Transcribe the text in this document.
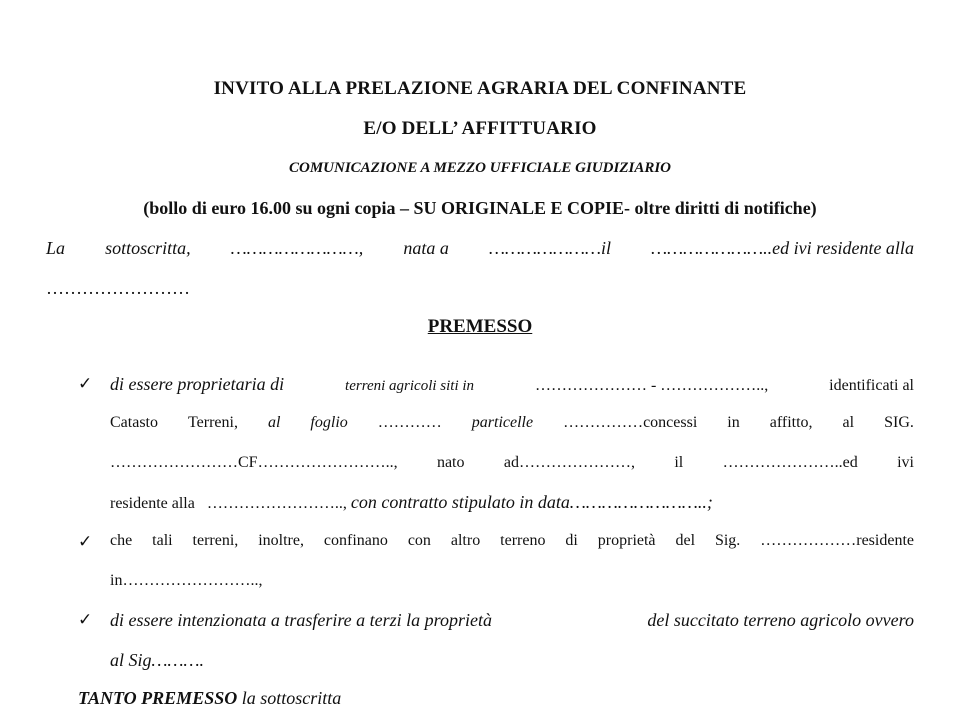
INVITO ALLA PRELAZIONE AGRARIA DEL CONFINANTE
E/O DELL’ AFFITTUARIO
COMUNICAZIONE A MEZZO UFFICIALE GIUDIZIARIO
(bollo di euro 16.00 su ogni copia – SU ORIGINALE E COPIE- oltre diritti di notifiche)
La sottoscritta, ……………………, nata a …………………il …………………..ed ivi residente alla
……………………
PREMESSO
✓ di essere proprietaria di	terreni agricoli siti in	………………… - ………………..,	identificati al
Catasto Terreni, al foglio ………… particelle ……………concessi in affitto, al SIG.
……………………CF…………………….., nato ad…………………, il …………………..ed ivi
residente alla …………………….., con contratto stipulato in data……………………..;
✓ che tali terreni, inoltre, confinano con altro terreno di proprietà del Sig. ………………residente
in……………………..,
✓ di essere intenzionata a trasferire a terzi la proprietà	del succitato terreno agricolo ovvero
al Sig……….
TANTO PREMESSO la sottoscritta
